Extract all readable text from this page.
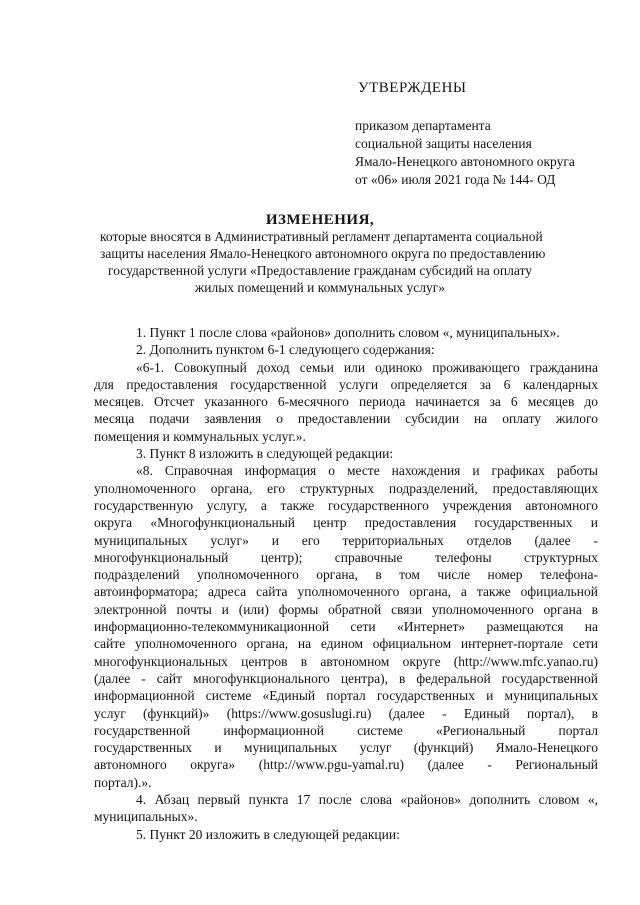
УТВЕРЖДЕНЫ
приказом департамента
социальной защиты населения
Ямало-Ненецкого автономного округа
от «06» июля 2021 года № 144- ОД
ИЗМЕНЕНИЯ,
которые вносятся в Административный регламент департамента социальной
защиты населения Ямало-Ненецкого автономного округа по предоставлению
государственной услуги «Предоставление гражданам субсидий на оплату
жилых помещений и коммунальных услуг»
1. Пункт 1 после слова «районов» дополнить словом «, муниципальных».
2. Дополнить пунктом 6-1 следующего содержания:
«6-1. Совокупный доход семьи или одиноко проживающего гражданина
для предоставления государственной услуги определяется за 6 календарных
месяцев. Отсчет указанного 6-месячного периода начинается за 6 месяцев до
месяца подачи заявления о предоставлении субсидии на оплату жилого
помещения и коммунальных услуг.».
3. Пункт 8 изложить в следующей редакции:
«8. Справочная информация о месте нахождения и графиках работы
уполномоченного органа, его структурных подразделений, предоставляющих
государственную услугу, а также государственного учреждения автономного
округа «Многофункциональный центр предоставления государственных и
муниципальных услуг» и его территориальных отделов (далее -
многофункциональный центр); справочные телефоны структурных
подразделений уполномоченного органа, в том числе номер телефона-
автоинформатора; адреса сайта уполномоченного органа, а также официальной
электронной почты и (или) формы обратной связи уполномоченного органа в
информационно-телекоммуникационной сети «Интернет» размещаются на
сайте уполномоченного органа, на едином официальном интернет-портале сети
многофункциональных центров в автономном округе (http://www.mfc.yanao.ru)
(далее - сайт многофункционального центра), в федеральной государственной
информационной системе «Единый портал государственных и муниципальных
услуг (функций)» (https://www.gosuslugi.ru) (далее - Единый портал), в
государственной информационной системе «Региональный портал
государственных и муниципальных услуг (функций) Ямало-Ненецкого
автономного округа» (http://www.pgu-yamal.ru) (далее - Региональный
портал).».
4. Абзац первый пункта 17 после слова «районов» дополнить словом «,
муниципальных».
5. Пункт 20 изложить в следующей редакции:
